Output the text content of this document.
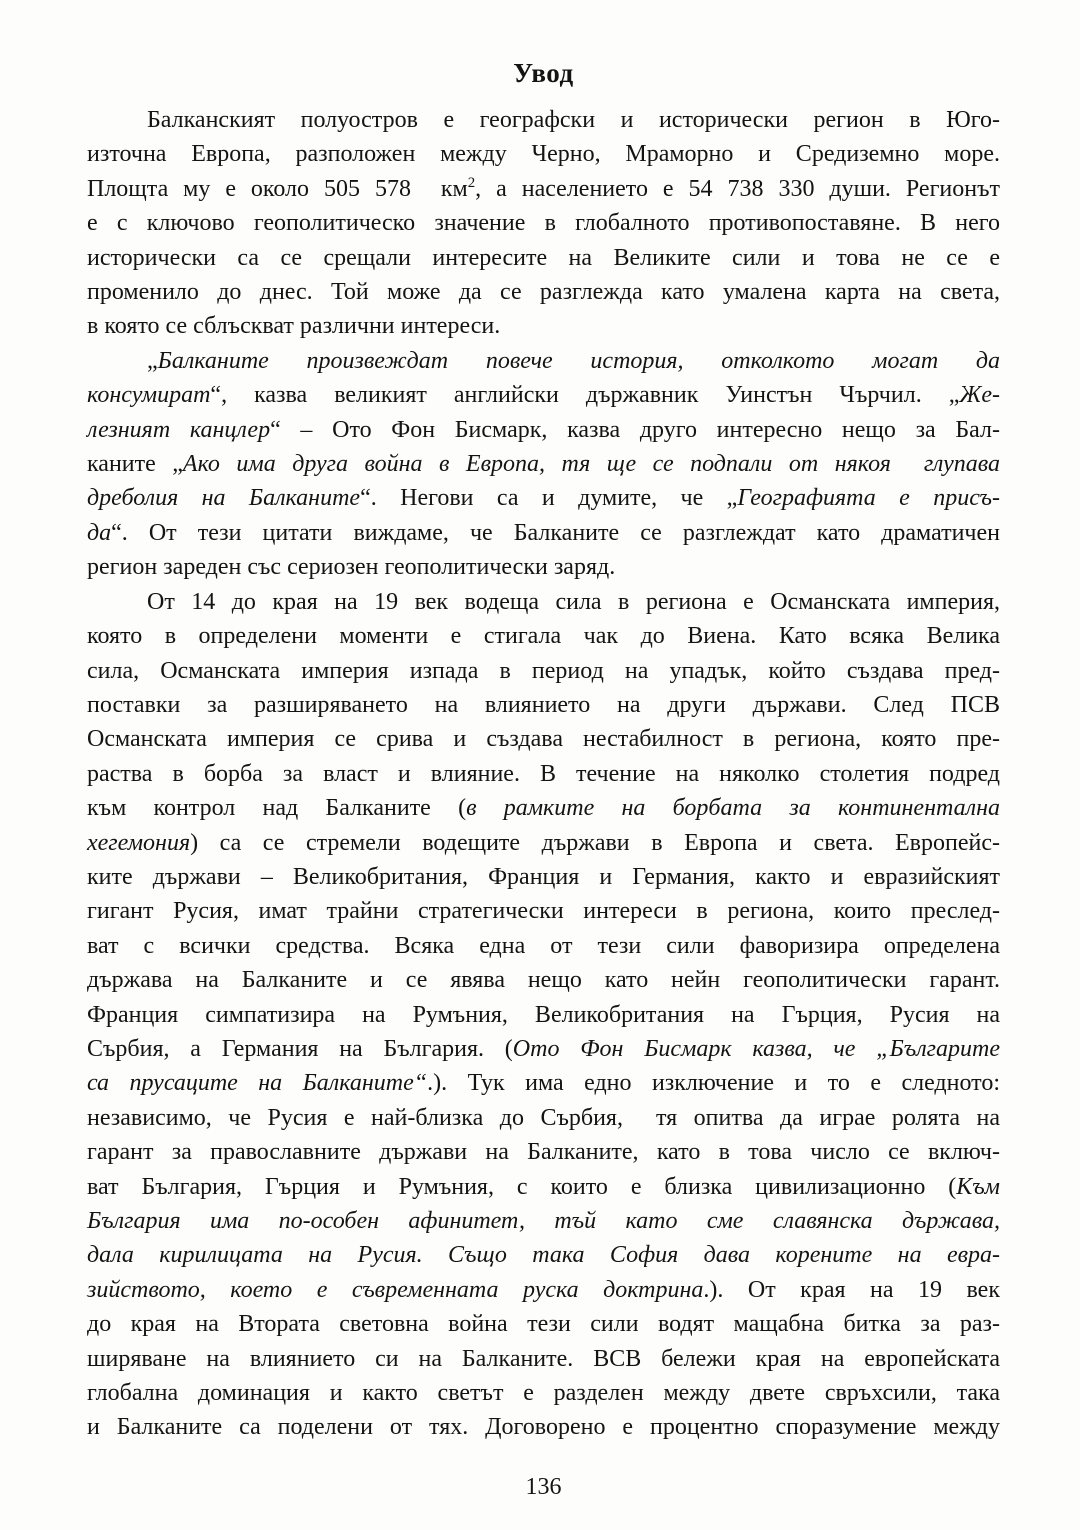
Увод
Балканският полуостров е географски и исторически регион в Юго-
източна Европа, разположен между Черно, Мраморно и Средиземно море.
Площта му е около 505 578  $км^2$, а населението е 54 738 330 души. Регионът
е с ключово геополитическо значение в глобалното противопоставяне. В него
исторически са се срещали интересите на Великите сили и това не се е
променило до днес. Той може да се разглежда като умалена карта на света,
в която се сблъскват различни интереси.
„Балканите произвеждат повече история, отколкото могат да
консумират“, казва великият английски държавник Уинстън Чърчил. „Же-
лезният канцлер“ – Ото Фон Бисмарк, казва друго интересно нещо за Бал-
каните „Ако има друга война в Европа, тя ще се подпали от някоя  глупава
дреболия на Балканите“. Негови са и думите, че „Географията е присъ-
да“. От тези цитати виждаме, че Балканите се разглеждат като драматичен
регион зареден със сериозен геополитически заряд.
От 14 до края на 19 век водеща сила в региона е Османската империя,
която в определени моменти е стигала чак до Виена. Като всяка Велика
сила, Османската империя изпада в период на упадък, който създава пред-
поставки за разширяването на влиянието на други държави. След ПСВ
Османската империя се срива и създава нестабилност в региона, която пре-
раства в борба за власт и влияние. В течение на няколко столетия подред
към контрол над Балканите (в рамките на борбата за континентална
хегемония) са се стремели водещите държави в Европа и света. Европейс-
ките държави – Великобритания, Франция и Германия, както и евразийският
гигант Русия, имат трайни стратегически интереси в региона, които преслед-
ват с всички средства. Всяка една от тези сили фаворизира определена
държава на Балканите и се явява нещо като нейн геополитически гарант.
Франция симпатизира на Румъния, Великобритания на Гърция, Русия на
Сърбия, а Германия на България. (Ото Фон Бисмарк казва, че „Българите
са прусаците на Балканите“.). Тук има едно изключение и то е следното:
независимо, че Русия е най-близка до Сърбия,  тя опитва да играе ролята на
гарант за православните държави на Балканите, като в това число се включ-
ват България, Гърция и Румъния, с които е близка цивилизационно (Към
България има по-особен афинитет, тъй като сме славянска държава,
дала кирилицата на Русия. Също така София дава корените на евра-
зийството, което е съвременната руска доктрина.). От края на 19 век
до края на Втората световна война тези сили водят мащабна битка за раз-
ширяване на влиянието си на Балканите. ВСВ бележи края на европейската
глобална доминация и както светът е разделен между двете свръхсили, така
и Балканите са поделени от тях. Договорено е процентно споразумение между
136
